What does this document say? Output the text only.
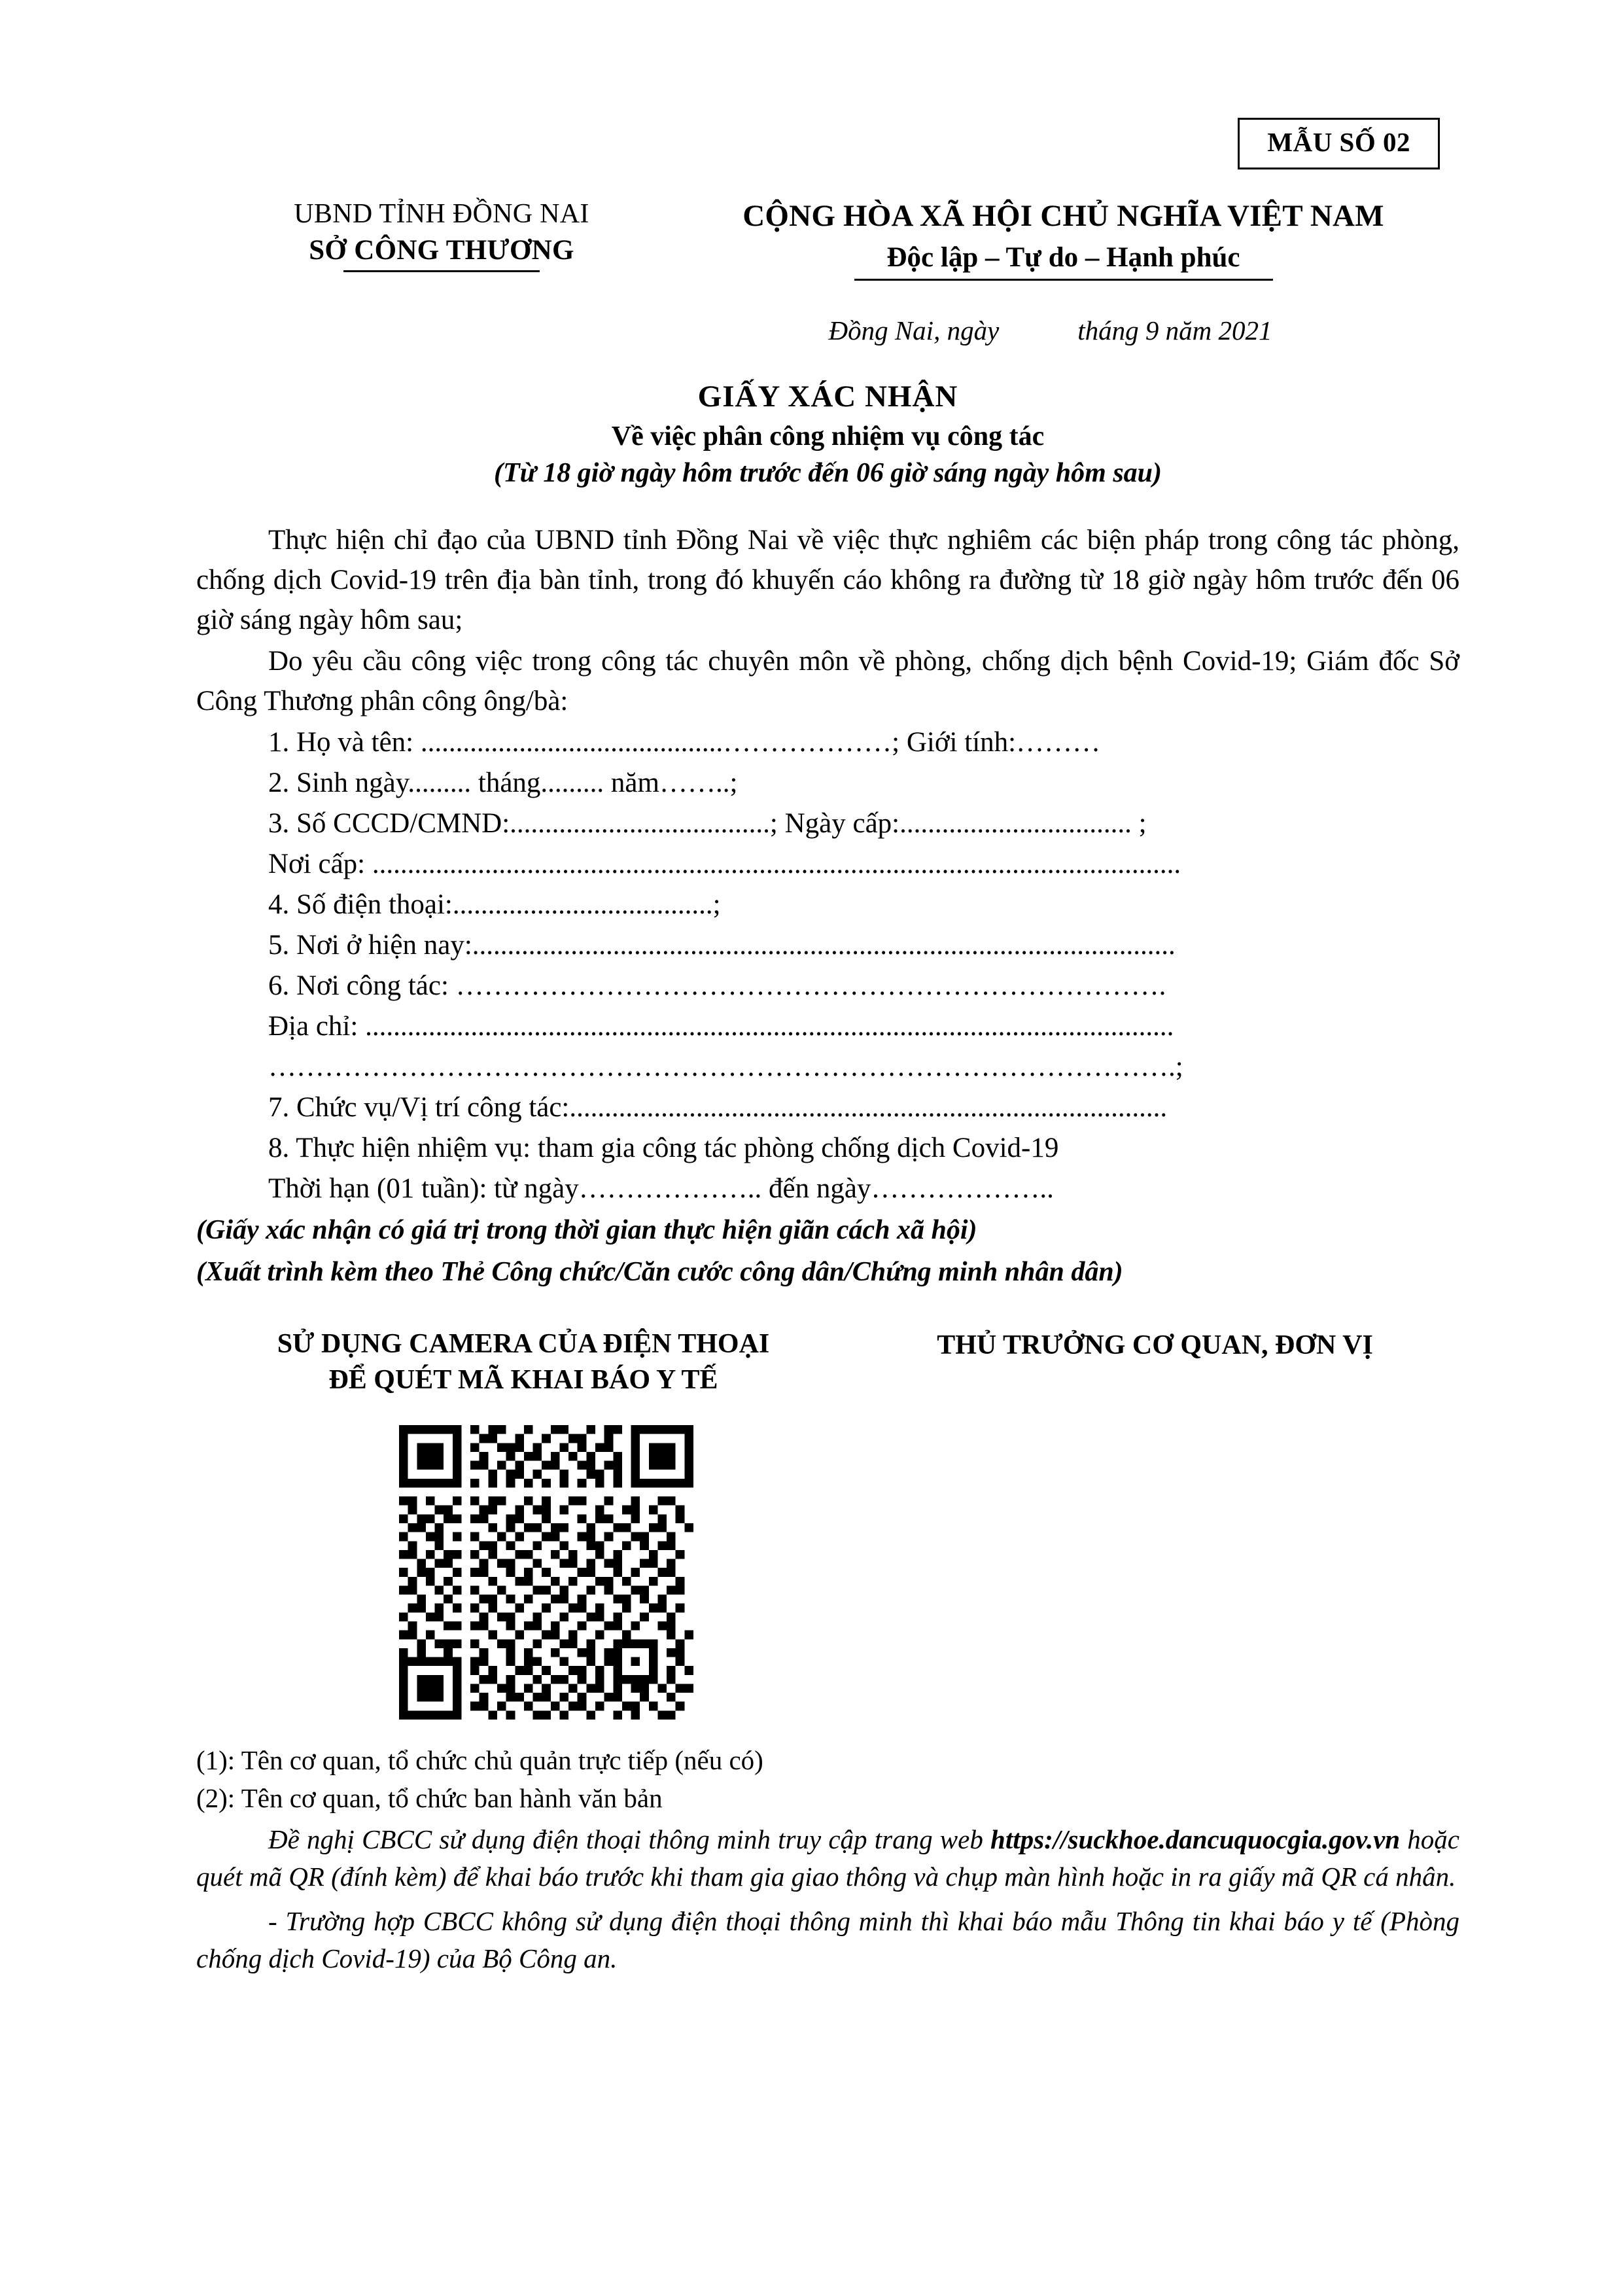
MẪU SỐ 02
UBND TỈNH ĐỒNG NAI
SỞ CÔNG THƯƠNG
CỘNG HÒA XÃ HỘI CHỦ NGHĨA VIỆT NAM
Độc lập – Tự do – Hạnh phúc
Đồng Nai, ngày	tháng 9 năm 2021
GIẤY XÁC NHẬN
Về việc phân công nhiệm vụ công tác
(Từ 18 giờ ngày hôm trước đến 06 giờ sáng ngày hôm sau)
Thực hiện chỉ đạo của UBND tỉnh Đồng Nai về việc thực nghiêm các biện pháp trong công tác phòng, chống dịch Covid-19 trên địa bàn tỉnh, trong đó khuyến cáo không ra đường từ 18 giờ ngày hôm trước đến 06 giờ sáng ngày hôm sau;
Do yêu cầu công việc trong công tác chuyên môn về phòng, chống dịch bệnh Covid-19; Giám đốc Sở Công Thương phân công ông/bà:
1. Họ và tên: ...........................................………………; Giới tính:………
2. Sinh ngày......... tháng......... năm……..;
3. Số CCCD/CMND:.....................................; Ngày cấp:................................. ;
Nơi cấp: ...................................................................................................................
4. Số điện thoại:.....................................;
5. Nơi ở hiện nay:....................................................................................................
6. Nơi công tác: ………………………………………………………………….
Địa chỉ: ...................................................................................................................
…………………………………………………………………………………….;
7. Chức vụ/Vị trí công tác:.....................................................................................
8. Thực hiện nhiệm vụ: tham gia công tác phòng chống dịch Covid-19
Thời hạn (01 tuần): từ ngày……………….. đến ngày………………..
(Giấy xác nhận có giá trị trong thời gian thực hiện giãn cách xã hội)
(Xuất trình kèm theo Thẻ Công chức/Căn cước công dân/Chứng minh nhân dân)
SỬ DỤNG CAMERA CỦA ĐIỆN THOẠI
ĐỂ QUÉT MÃ KHAI BÁO Y TẾ
THỦ TRƯỞNG CƠ QUAN, ĐƠN VỊ
(1): Tên cơ quan, tổ chức chủ quản trực tiếp (nếu có)
(2): Tên cơ quan, tổ chức ban hành văn bản
Đề nghị CBCC sử dụng điện thoại thông minh truy cập trang web https://suckhoe.dancuquocgia.gov.vn hoặc quét mã QR (đính kèm) để khai báo trước khi tham gia giao thông và chụp màn hình hoặc in ra giấy mã QR cá nhân.
- Trường hợp CBCC không sử dụng điện thoại thông minh thì khai báo mẫu Thông tin khai báo y tế (Phòng chống dịch Covid-19) của Bộ Công an.
